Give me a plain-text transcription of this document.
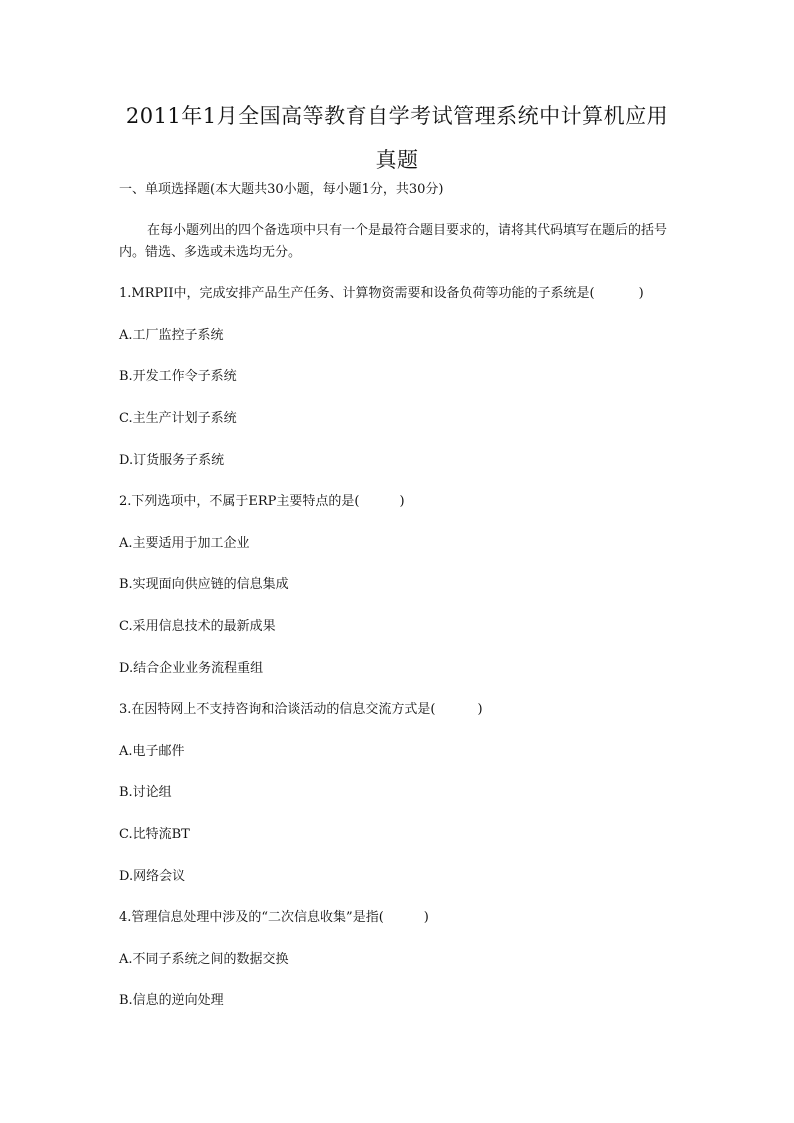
2011年1月全国高等教育自学考试管理系统中计算机应用
真题
一、单项选择题(本大题共30小题，每小题1分，共30分)
在每小题列出的四个备选项中只有一个是最符合题目要求的，请将其代码填写在题后的括号内。错选、多选或未选均无分。
1.MRPII中，完成安排产品生产任务、计算物资需要和设备负荷等功能的子系统是(	)
A.工厂监控子系统
B.开发工作令子系统
C.主生产计划子系统
D.订货服务子系统
2.下列选项中，不属于ERP主要特点的是(	)
A.主要适用于加工企业
B.实现面向供应链的信息集成
C.采用信息技术的最新成果
D.结合企业业务流程重组
3.在因特网上不支持咨询和洽谈活动的信息交流方式是(	)
A.电子邮件
B.讨论组
C.比特流BT
D.网络会议
4.管理信息处理中涉及的“二次信息收集”是指(	)
A.不同子系统之间的数据交换
B.信息的逆向处理
